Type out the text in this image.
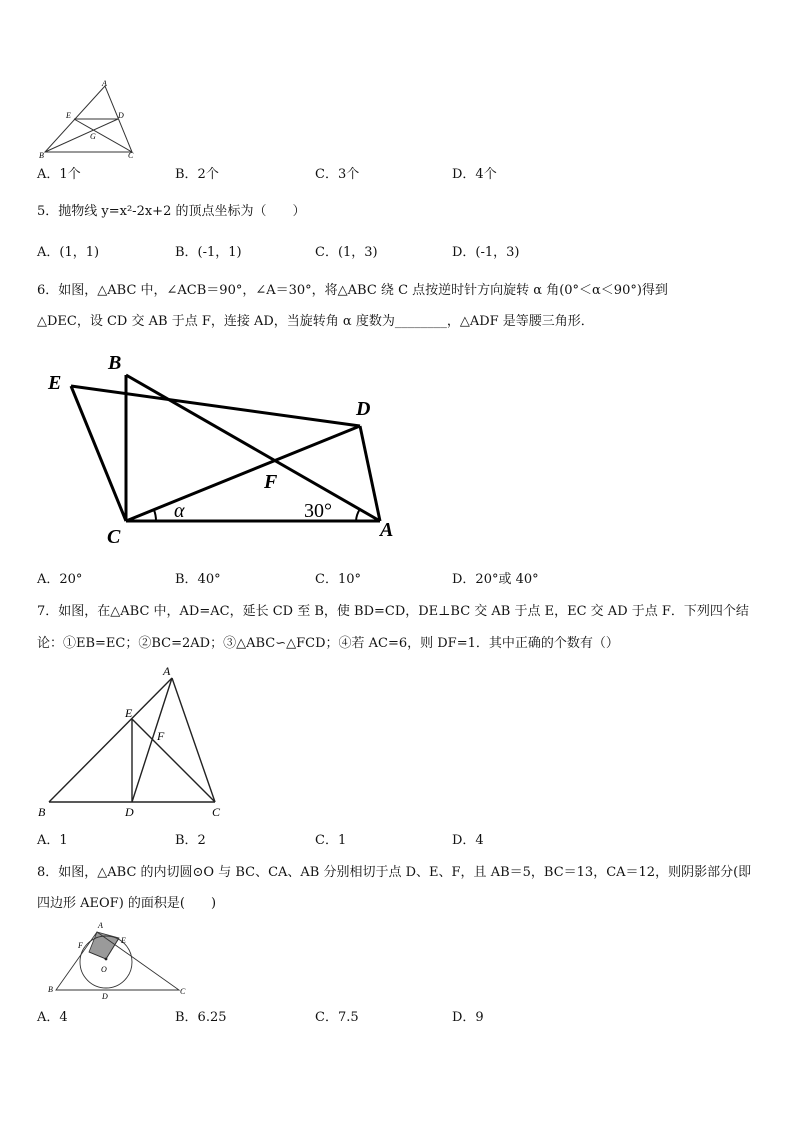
A
E	D
G
B	C
A．1个	B．2个	C．3个	D．4个
5．抛物线 y=x²-2x+2 的顶点坐标为（　　）
A．(1，1)	B．(-1，1)	C．(1，3)	D．(-1，3)
6．如图，△ABC 中，∠ACB＝90°，∠A＝30°，将△ABC 绕 C 点按逆时针方向旋转 α 角(0°＜α＜90°)得到
△DEC，设 CD 交 AB 于点 F，连接 AD，当旋转角 α 度数为________，△ADF 是等腰三角形．
B
E
D
F
C	A
α	30°
A．20°	B．40°	C．10°	D．20°或 40°
7．如图，在△ABC 中，AD=AC，延长 CD 至 B，使 BD=CD，DE⊥BC 交 AB 于点 E，EC 交 AD 于点 F．下列四个结
论：①EB=EC；②BC=2AD；③△ABC∽△FCD；④若 AC=6，则 DF=1．其中正确的个数有（）
A
E
F
B	D	C
A．1	B．2	C．1	D．4
8．如图，△ABC 的内切圆⊙O 与 BC、CA、AB 分别相切于点 D、E、F，且 AB＝5，BC＝13，CA＝12，则阴影部分(即
四边形 AEOF) 的面积是(　　)
A
F
E
O
B
D
C
A．4	B．6.25	C．7.5	D．9
